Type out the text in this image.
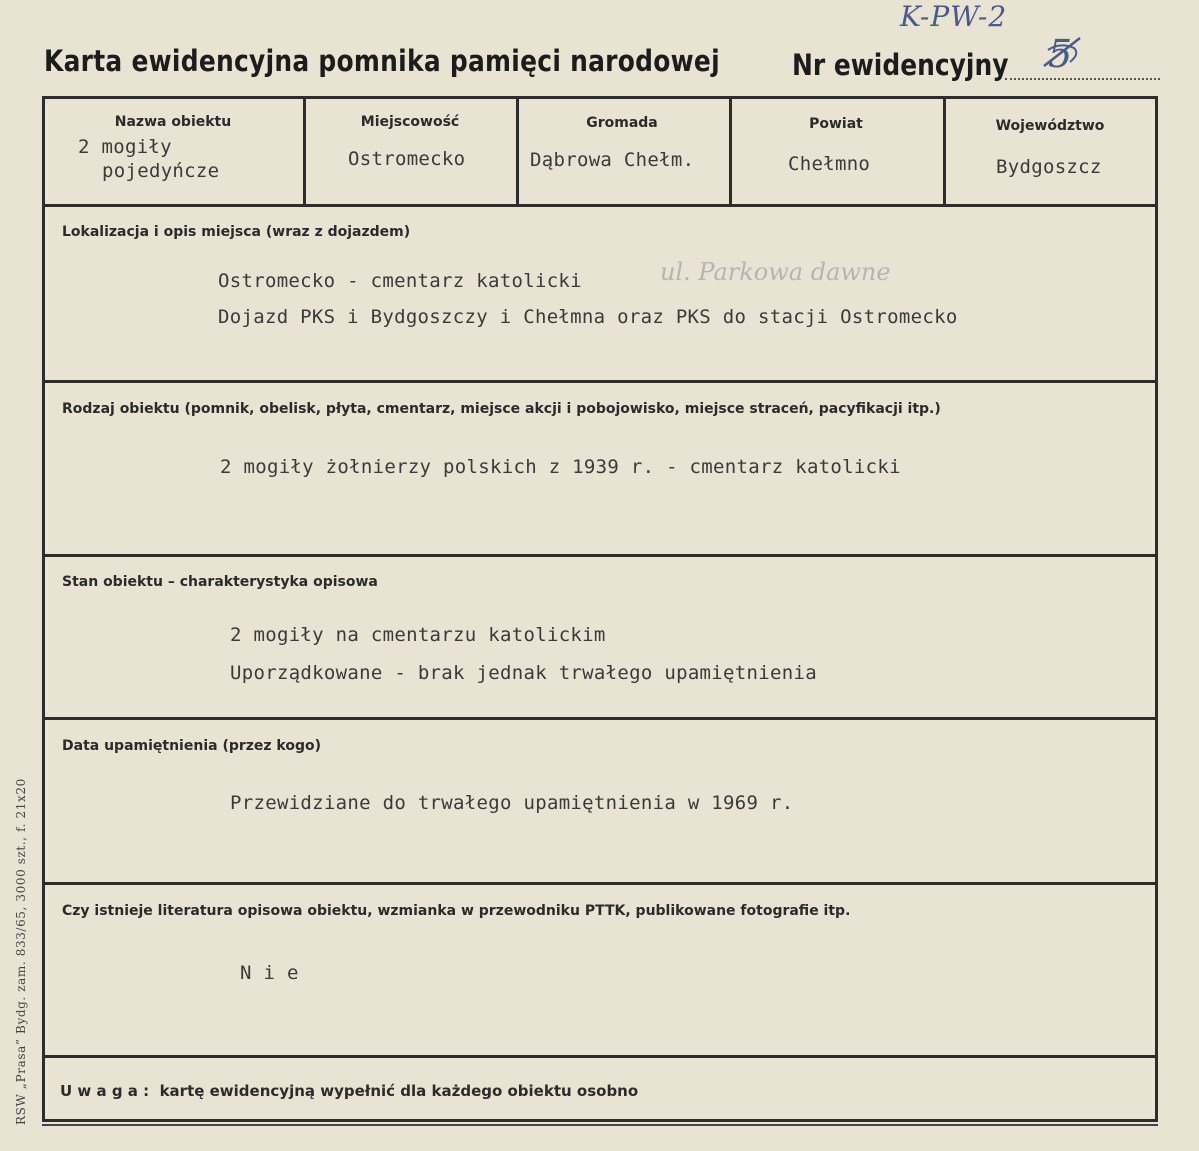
K-PW-2
5
Karta ewidencyjna pomnika pamięci narodowej Nr ewidencyjny
Nazwa obiektu
2 mogiły
pojedyńcze
Miejscowość
Ostromecko
Gromada
Dąbrowa Chełm.
Powiat
Chełmno
Województwo
Bydgoszcz
Lokalizacja i opis miejsca (wraz z dojazdem)
Ostromecko - cmentarz katolicki	ul. Parkowa dawne
Dojazd PKS i Bydgoszczy i Chełmna oraz PKS do stacji Ostromecko
Rodzaj obiektu (pomnik, obelisk, płyta, cmentarz, miejsce akcji i pobojowisko, miejsce straceń, pacyfikacji itp.)
2 mogiły żołnierzy polskich z 1939 r. - cmentarz katolicki
Stan obiektu – charakterystyka opisowa
2 mogiły na cmentarzu katolickim
Uporządkowane - brak jednak trwałego upamiętnienia
Data upamiętnienia (przez kogo)
Przewidziane do trwałego upamiętnienia w 1969 r.
Czy istnieje literatura opisowa obiektu, wzmianka w przewodniku PTTK, publikowane fotografie itp.
N i e
U w a g a :  kartę ewidencyjną wypełnić dla każdego obiektu osobno
RSW „Prasa” Bydg. zam. 833/65, 3000 szt., f. 21x20
